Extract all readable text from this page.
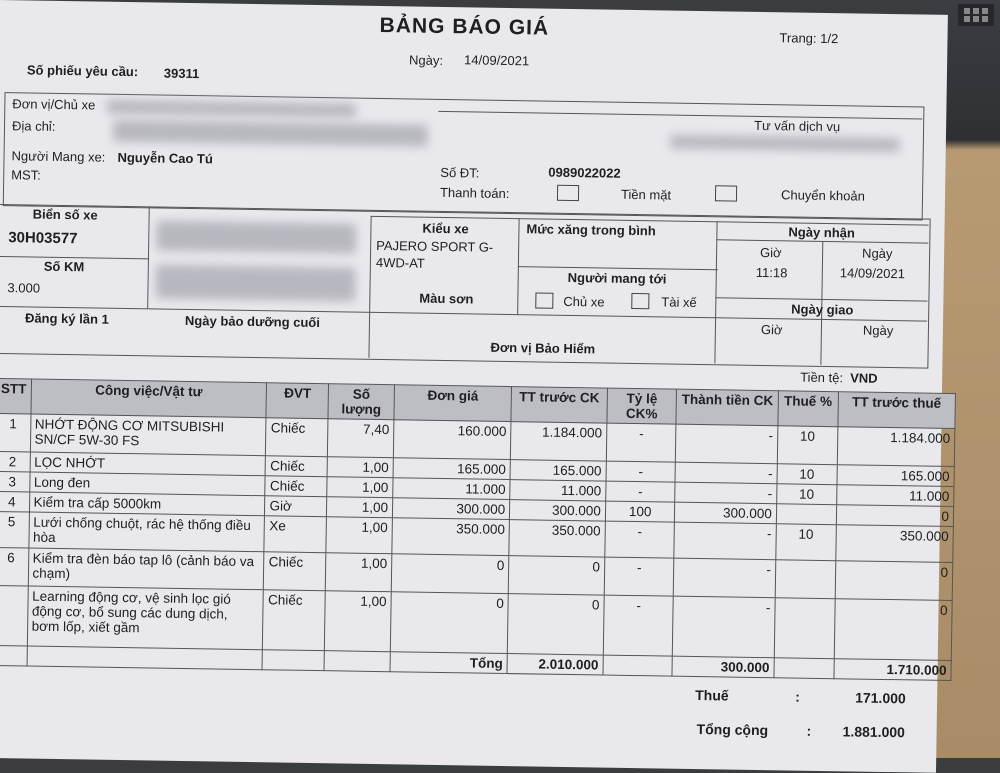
BẢNG BÁO GIÁ	Trang: 1/2
Ngày: 14/09/2021
Số phiếu yêu cầu: 39311
Đơn vị/Chủ xe
Địa chỉ:	Tư vấn dịch vụ
Người Mang xe: Nguyễn Cao Tú
MST:	Số ĐT:	0989022022
Thanh toán:	Tiền mặt	Chuyển khoản
Biển số xe
30H03577
Số KM
3.000
Kiểu xe
PAJERO SPORT G-
4WD-AT
Màu sơn
Mức xăng trong bình
Người mang tới
Chủ xe	Tài xế
Ngày nhận
Giờ	Ngày
11:18	14/09/2021
Ngày giao
Giờ	Ngày
Đăng ký lần 1	Ngày bảo dưỡng cuối
Đơn vị Bảo Hiểm
Tiền tệ: VND
STT	Công việc/Vật tư	ĐVT	Số lượng	Đơn giá	TT trước CK	Tỷ lệ CK%	Thành tiền CK	Thuế %	TT trước thuế
1	NHỚT ĐỘNG CƠ MITSUBISHI SN/CF 5W-30 FS	Chiếc	7,40	160.000	1.184.000	-	-	10	1.184.000
2	LỌC NHỚT	Chiếc	1,00	165.000	165.000	-	-	10	165.000
3	Long đen	Chiếc	1,00	11.000	11.000	-	-	10	11.000
4	Kiểm tra cấp 5000km	Giờ	1,00	300.000	300.000	100	300.000		0
5	Lưới chống chuột, rác hệ thống điều hòa	Xe	1,00	350.000	350.000	-	-	10	350.000
6	Kiểm tra đèn báo tap lô (cảnh báo va chạm)	Chiếc	1,00	0	0	-	-		0
	Learning động cơ, vệ sinh lọc gió động cơ, bổ sung các dung dịch, bơm lốp, xiết gầm	Chiếc	1,00	0	0	-	-		0
				Tổng	2.010.000		300.000		1.710.000
Thuế	:	171.000
Tổng cộng	: 1.881.000
